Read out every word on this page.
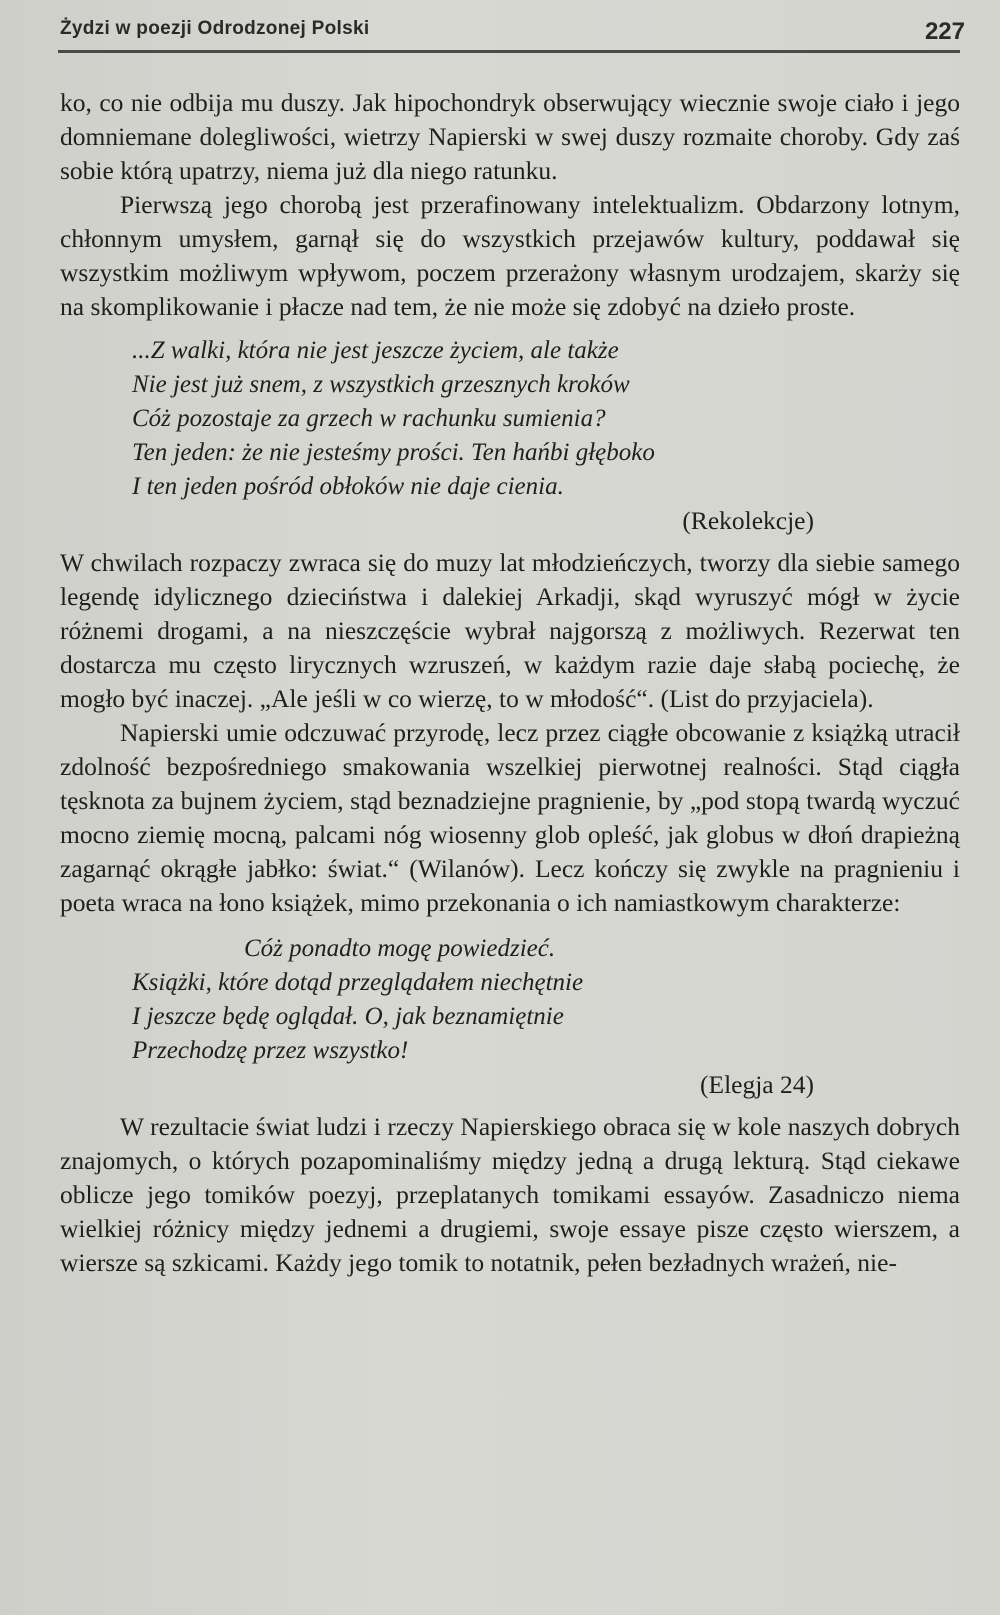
Żydzi w poezji Odrodzonej Polski	227

ko, co nie odbija mu duszy. Jak hipochondryk obserwujący wiecznie swoje ciało i jego domniemane dolegliwości, wietrzy Napierski w swej duszy rozmaite choroby. Gdy zaś sobie którą upatrzy, niema już dla niego ratunku.

Pierwszą jego chorobą jest przerafinowany intelektualizm. Obdarzony lotnym, chłonnym umysłem, garnął się do wszystkich przejawów kultury, poddawał się wszystkim możliwym wpływom, poczem przerażony własnym urodzajem, skarży się na skomplikowanie i płacze nad tem, że nie może się zdobyć na dzieło proste.

...Z walki, która nie jest jeszcze życiem, ale także
Nie jest już snem, z wszystkich grzesznych kroków
Cóż pozostaje za grzech w rachunku sumienia?
Ten jeden: że nie jesteśmy prości. Ten hańbi głęboko
I ten jeden pośród obłoków nie daje cienia.
(Rekolekcje)

W chwilach rozpaczy zwraca się do muzy lat młodzieńczych, tworzy dla siebie samego legendę idylicznego dzieciństwa i dalekiej Arkadji, skąd wyruszyć mógł w życie różnemi drogami, a na nieszczęście wybrał najgorszą z możliwych. Rezerwat ten dostarcza mu często lirycznych wzruszeń, w każdym razie daje słabą pociechę, że mogło być inaczej. „Ale jeśli w co wierzę, to w młodość“. (List do przyjaciela).

Napierski umie odczuwać przyrodę, lecz przez ciągłe obcowanie z książką utracił zdolność bezpośredniego smakowania wszelkiej pierwotnej realności. Stąd ciągła tęsknota za bujnem życiem, stąd beznadziejne pragnienie, by „pod stopą twardą wyczuć mocno ziemię mocną, palcami nóg wiosenny glob opleść, jak globus w dłoń drapieżną zagarnąć okrągłe jabłko: świat.“ (Wilanów). Lecz kończy się zwykle na pragnieniu i poeta wraca na łono książek, mimo przekonania o ich namiastkowym charakterze:

Cóż ponadto mogę powiedzieć.
Książki, które dotąd przeglądałem niechętnie
I jeszcze będę oglądał. O, jak beznamiętnie
Przechodzę przez wszystko!
(Elegja 24)

W rezultacie świat ludzi i rzeczy Napierskiego obraca się w kole naszych dobrych znajomych, o których pozapominaliśmy między jedną a drugą lekturą. Stąd ciekawe oblicze jego tomików poezyj, przeplatanych tomikami essayów. Zasadniczo niema wielkiej różnicy między jednemi a drugiemi, swoje essaye pisze często wierszem, a wiersze są szkicami. Każdy jego tomik to notatnik, pełen bezładnych wrażeń, nie-
